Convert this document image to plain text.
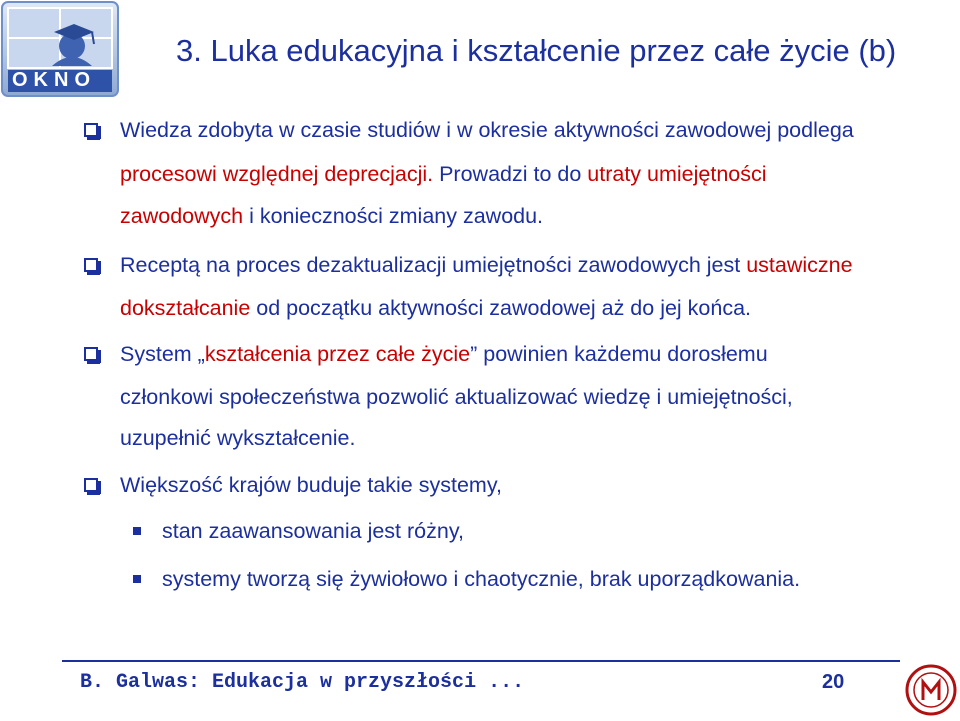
OKNO
3. Luka edukacyjna i kształcenie przez całe życie (b)
Wiedza zdobyta w czasie studiów i w okresie aktywności zawodowej podlega
procesowi względnej deprecjacji. Prowadzi to do utraty umiejętności
zawodowych i konieczności zmiany zawodu.
Receptą na proces dezaktualizacji umiejętności zawodowych jest ustawiczne
dokształcanie od początku aktywności zawodowej aż do jej końca.
System „kształcenia przez całe życie” powinien każdemu dorosłemu
członkowi społeczeństwa pozwolić aktualizować wiedzę i umiejętności,
uzupełnić wykształcenie.
Większość krajów buduje takie systemy,
stan zaawansowania jest różny,
systemy tworzą się żywiołowo i chaotycznie, brak uporządkowania.
B. Galwas: Edukacja w przyszłości ...	20
